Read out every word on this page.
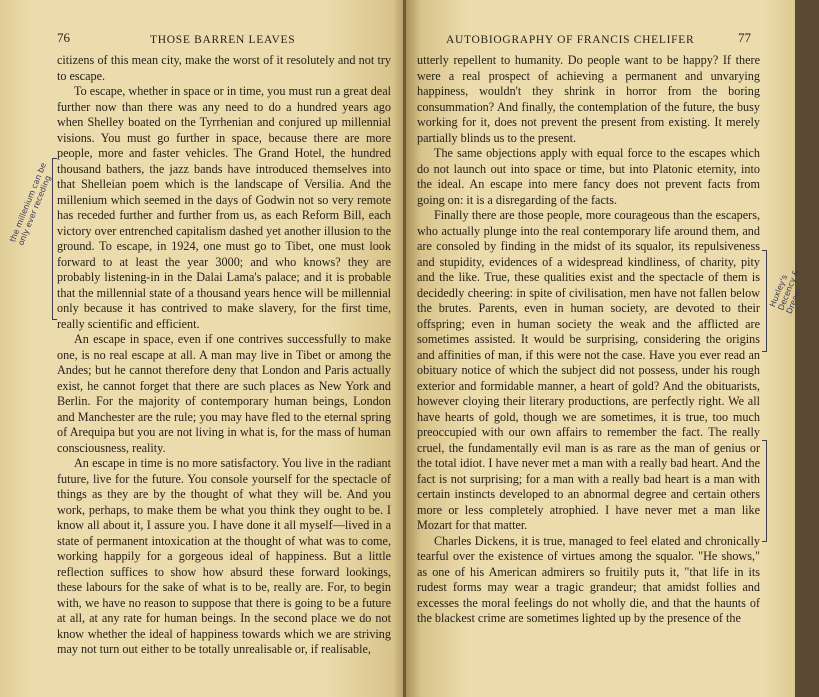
76	THOSE BARREN LEAVES

citizens of this mean city, make the worst of it resolutely and not try to escape.

To escape, whether in space or in time, you must run a great deal further now than there was any need to do a hundred years ago when Shelley boated on the Tyrrhenian and conjured up millennial visions. You must go further in space, because there are more people, more and faster vehicles. The Grand Hotel, the hundred thousand bathers, the jazz bands have introduced themselves into that Shelleian poem which is the landscape of Versilia. And the millenium which seemed in the days of Godwin not so very remote has receded further and further from us, as each Reform Bill, each victory over entrenched capitalism dashed yet another illusion to the ground. To escape, in 1924, one must go to Tibet, one must look forward to at least the year 3000; and who knows? they are probably listening-in in the Dalai Lama's palace; and it is probable that the millennial state of a thousand years hence will be millennial only because it has contrived to make slavery, for the first time, really scientific and efficient.

An escape in space, even if one contrives successfully to make one, is no real escape at all. A man may live in Tibet or among the Andes; but he cannot therefore deny that London and Paris actually exist, he cannot forget that there are such places as New York and Berlin. For the majority of contemporary human beings, London and Manchester are the rule; you may have fled to the eternal spring of Arequipa but you are not living in what is, for the mass of human consciousness, reality.

An escape in time is no more satisfactory. You live in the radiant future, live for the future. You console yourself for the spectacle of things as they are by the thought of what they will be. And you work, perhaps, to make them be what you think they ought to be. I know all about it, I assure you. I have done it all myself—lived in a state of permanent intoxication at the thought of what was to come, working happily for a gorgeous ideal of happiness. But a little reflection suffices to show how absurd these forward lookings, these labours for the sake of what is to be, really are. For, to begin with, we have no reason to suppose that there is going to be a future at all, at any rate for human beings. In the second place we do not know whether the ideal of happiness towards which we are striving may not turn out either to be totally unrealisable or, if realisable,

the millenium can be only ever receding
AUTOBIOGRAPHY OF FRANCIS CHELIFER	77

utterly repellent to humanity. Do people want to be happy? If there were a real prospect of achieving a permanent and unvarying happiness, wouldn't they shrink in horror from the boring consummation? And finally, the contemplation of the future, the busy working for it, does not prevent the present from existing. It merely partially blinds us to the present.

The same objections apply with equal force to the escapes which do not launch out into space or time, but into Platonic eternity, into the ideal. An escape into mere fancy does not prevent facts from going on: it is a disregarding of the facts.

Finally there are those people, more courageous than the escapers, who actually plunge into the real contemporary life around them, and are consoled by finding in the midst of its squalor, its repulsiveness and stupidity, evidences of a widespread kindliness, of charity, pity and the like. True, these qualities exist and the spectacle of them is decidedly cheering: in spite of civilisation, men have not fallen below the brutes. Parents, even in human society, are devoted to their offspring; even in human society the weak and the afflicted are sometimes assisted. It would be surprising, considering the origins and affinities of man, if this were not the case. Have you ever read an obituary notice of which the subject did not possess, under his rough exterior and formidable manner, a heart of gold? And the obituarists, however cloying their literary productions, are perfectly right. We all have hearts of gold, though we are sometimes, it is true, too much preoccupied with our own affairs to remember the fact. The really cruel, the fundamentally evil man is as rare as the man of genius or the total idiot. I have never met a man with a really bad heart. And the fact is not surprising; for a man with a really bad heart is a man with certain instincts developed to an abnormal degree and certain others more or less completely atrophied. I have never met a man like Mozart for that matter.

Charles Dickens, it is true, managed to feel elated and chronically tearful over the existence of virtues among the squalor. "He shows," as one of his American admirers so fruitily puts it, "that life in its rudest forms may wear a tragic grandeur; that amidst follies and excesses the moral feelings do not wholly die, and that the haunts of the blackest crime are sometimes lighted up by the presence of the

Huxley's Decency & Dream
